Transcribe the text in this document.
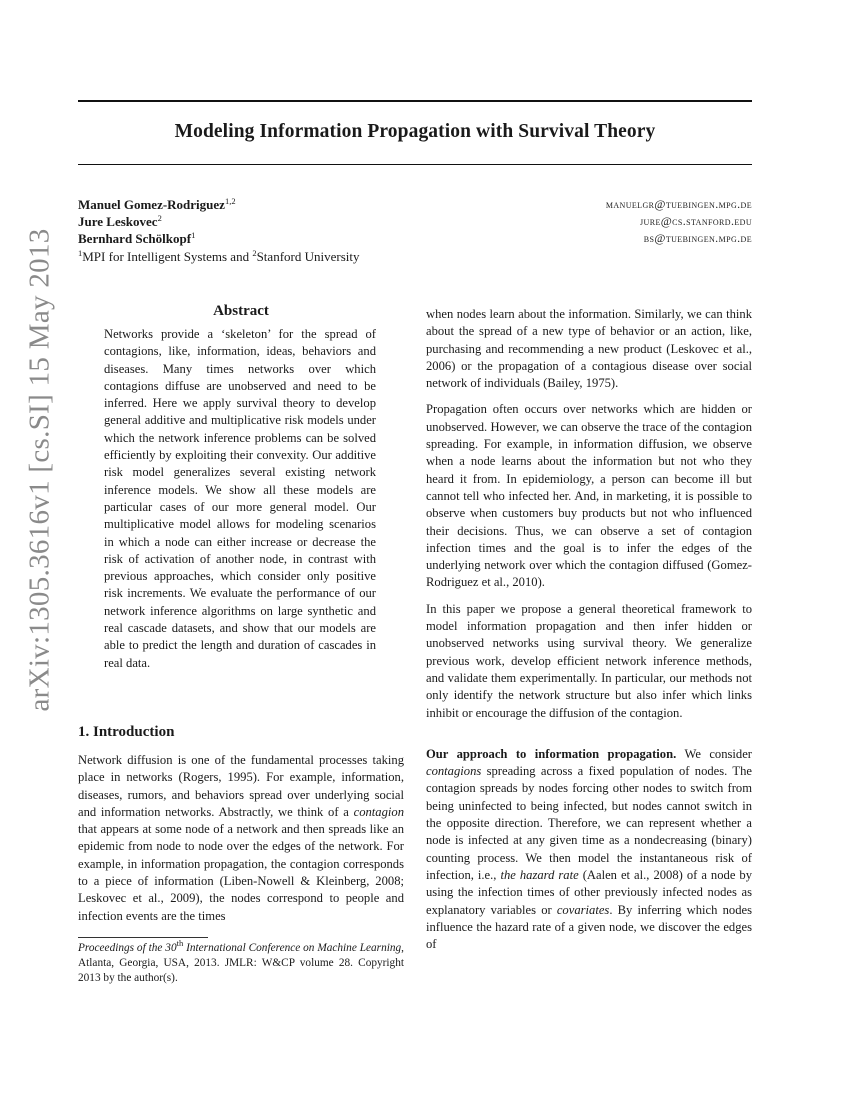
arXiv:1305.3616v1 [cs.SI] 15 May 2013
Modeling Information Propagation with Survival Theory
Manuel Gomez-Rodriguez$^{1,2}$	manuelgr@tuebingen.mpg.de
Jure Leskovec$^2$	jure@cs.stanford.edu
Bernhard Schölkopf$^1$	bs@tuebingen.mpg.de
$^1$MPI for Intelligent Systems and $^2$Stanford University
Abstract

Networks provide a ‘skeleton’ for the spread of contagions, like, information, ideas, behaviors and diseases. Many times networks over which contagions diffuse are unobserved and need to be inferred. Here we apply survival theory to develop general additive and multiplicative risk models under which the network inference problems can be solved efficiently by exploiting their convexity. Our additive risk model generalizes several existing network inference models. We show all these models are particular cases of our more general model. Our multiplicative model allows for modeling scenarios in which a node can either increase or decrease the risk of activation of another node, in contrast with previous approaches, which consider only positive risk increments. We evaluate the performance of our network inference algorithms on large synthetic and real cascade datasets, and show that our models are able to predict the length and duration of cascades in real data.

1. Introduction

Network diffusion is one of the fundamental processes taking place in networks (Rogers, 1995). For example, information, diseases, rumors, and behaviors spread over underlying social and information networks. Abstractly, we think of a contagion that appears at some node of a network and then spreads like an epidemic from node to node over the edges of the network. For example, in information propagation, the contagion corresponds to a piece of information (Liben-Nowell & Kleinberg, 2008; Leskovec et al., 2009), the nodes correspond to people and infection events are the times

Proceedings of the 30th International Conference on Machine Learning, Atlanta, Georgia, USA, 2013. JMLR: W&CP volume 28. Copyright 2013 by the author(s).

when nodes learn about the information. Similarly, we can think about the spread of a new type of behavior or an action, like, purchasing and recommending a new product (Leskovec et al., 2006) or the propagation of a contagious disease over social network of individuals (Bailey, 1975).

Propagation often occurs over networks which are hidden or unobserved. However, we can observe the trace of the contagion spreading. For example, in information diffusion, we observe when a node learns about the information but not who they heard it from. In epidemiology, a person can become ill but cannot tell who infected her. And, in marketing, it is possible to observe when customers buy products but not who influenced their decisions. Thus, we can observe a set of contagion infection times and the goal is to infer the edges of the underlying network over which the contagion diffused (Gomez-Rodriguez et al., 2010).

In this paper we propose a general theoretical framework to model information propagation and then infer hidden or unobserved networks using survival theory. We generalize previous work, develop efficient network inference methods, and validate them experimentally. In particular, our methods not only identify the network structure but also infer which links inhibit or encourage the diffusion of the contagion.

Our approach to information propagation. We consider contagions spreading across a fixed population of nodes. The contagion spreads by nodes forcing other nodes to switch from being uninfected to being infected, but nodes cannot switch in the opposite direction. Therefore, we can represent whether a node is infected at any given time as a nondecreasing (binary) counting process. We then model the instantaneous risk of infection, i.e., the hazard rate (Aalen et al., 2008) of a node by using the infection times of other previously infected nodes as explanatory variables or covariates. By inferring which nodes influence the hazard rate of a given node, we discover the edges of
